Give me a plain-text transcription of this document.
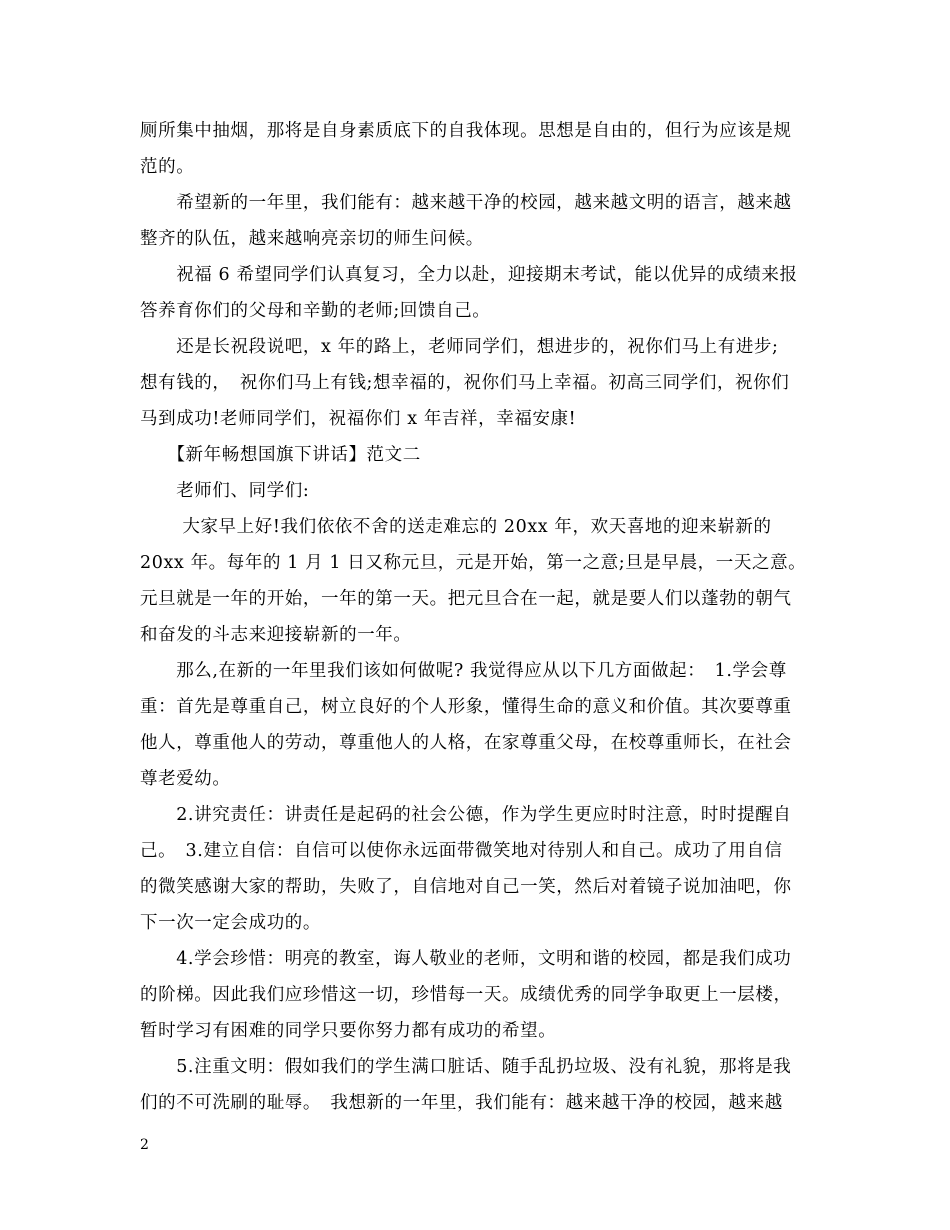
厕所集中抽烟，那将是自身素质底下的自我体现。思想是自由的，但行为应该是规
范的。

　　希望新的一年里，我们能有：越来越干净的校园，越来越文明的语言，越来越
整齐的队伍，越来越响亮亲切的师生问候。

　　祝福 6 希望同学们认真复习，全力以赴，迎接期末考试，能以优异的成绩来报
答养育你们的父母和辛勤的老师;回馈自己。

　　还是长祝段说吧，x 年的路上，老师同学们，想进步的，祝你们马上有进步;
想有钱的，　祝你们马上有钱;想幸福的，祝你们马上幸福。初高三同学们，祝你们
马到成功!老师同学们，祝福你们 x 年吉祥，幸福安康!

　　【新年畅想国旗下讲话】范文二

　　老师们、同学们:

　　 大家早上好!我们依依不舍的送走难忘的 20xx 年，欢天喜地的迎来崭新的
20xx 年。每年的 1 月 1 日又称元旦，元是开始，第一之意;旦是早晨，一天之意。
元旦就是一年的开始，一年的第一天。把元旦合在一起，就是要人们以蓬勃的朝气
和奋发的斗志来迎接崭新的一年。

　　那么,在新的一年里我们该如何做呢? 我觉得应从以下几方面做起：　1.学会尊
重：首先是尊重自己，树立良好的个人形象，懂得生命的意义和价值。其次要尊重
他人，尊重他人的劳动，尊重他人的人格，在家尊重父母，在校尊重师长，在社会
尊老爱幼。

　　2.讲究责任：讲责任是起码的社会公德，作为学生更应时时注意，时时提醒自
己。　3.建立自信：自信可以使你永远面带微笑地对待别人和自己。成功了用自信
的微笑感谢大家的帮助，失败了，自信地对自己一笑，然后对着镜子说加油吧，你
下一次一定会成功的。

　　4.学会珍惜：明亮的教室，诲人敬业的老师，文明和谐的校园，都是我们成功
的阶梯。因此我们应珍惜这一切，珍惜每一天。成绩优秀的同学争取更上一层楼，
暂时学习有困难的同学只要你努力都有成功的希望。

　　5.注重文明：假如我们的学生满口脏话、随手乱扔垃圾、没有礼貌，那将是我
们的不可洗刷的耻辱。　我想新的一年里，我们能有：越来越干净的校园，越来越

2
